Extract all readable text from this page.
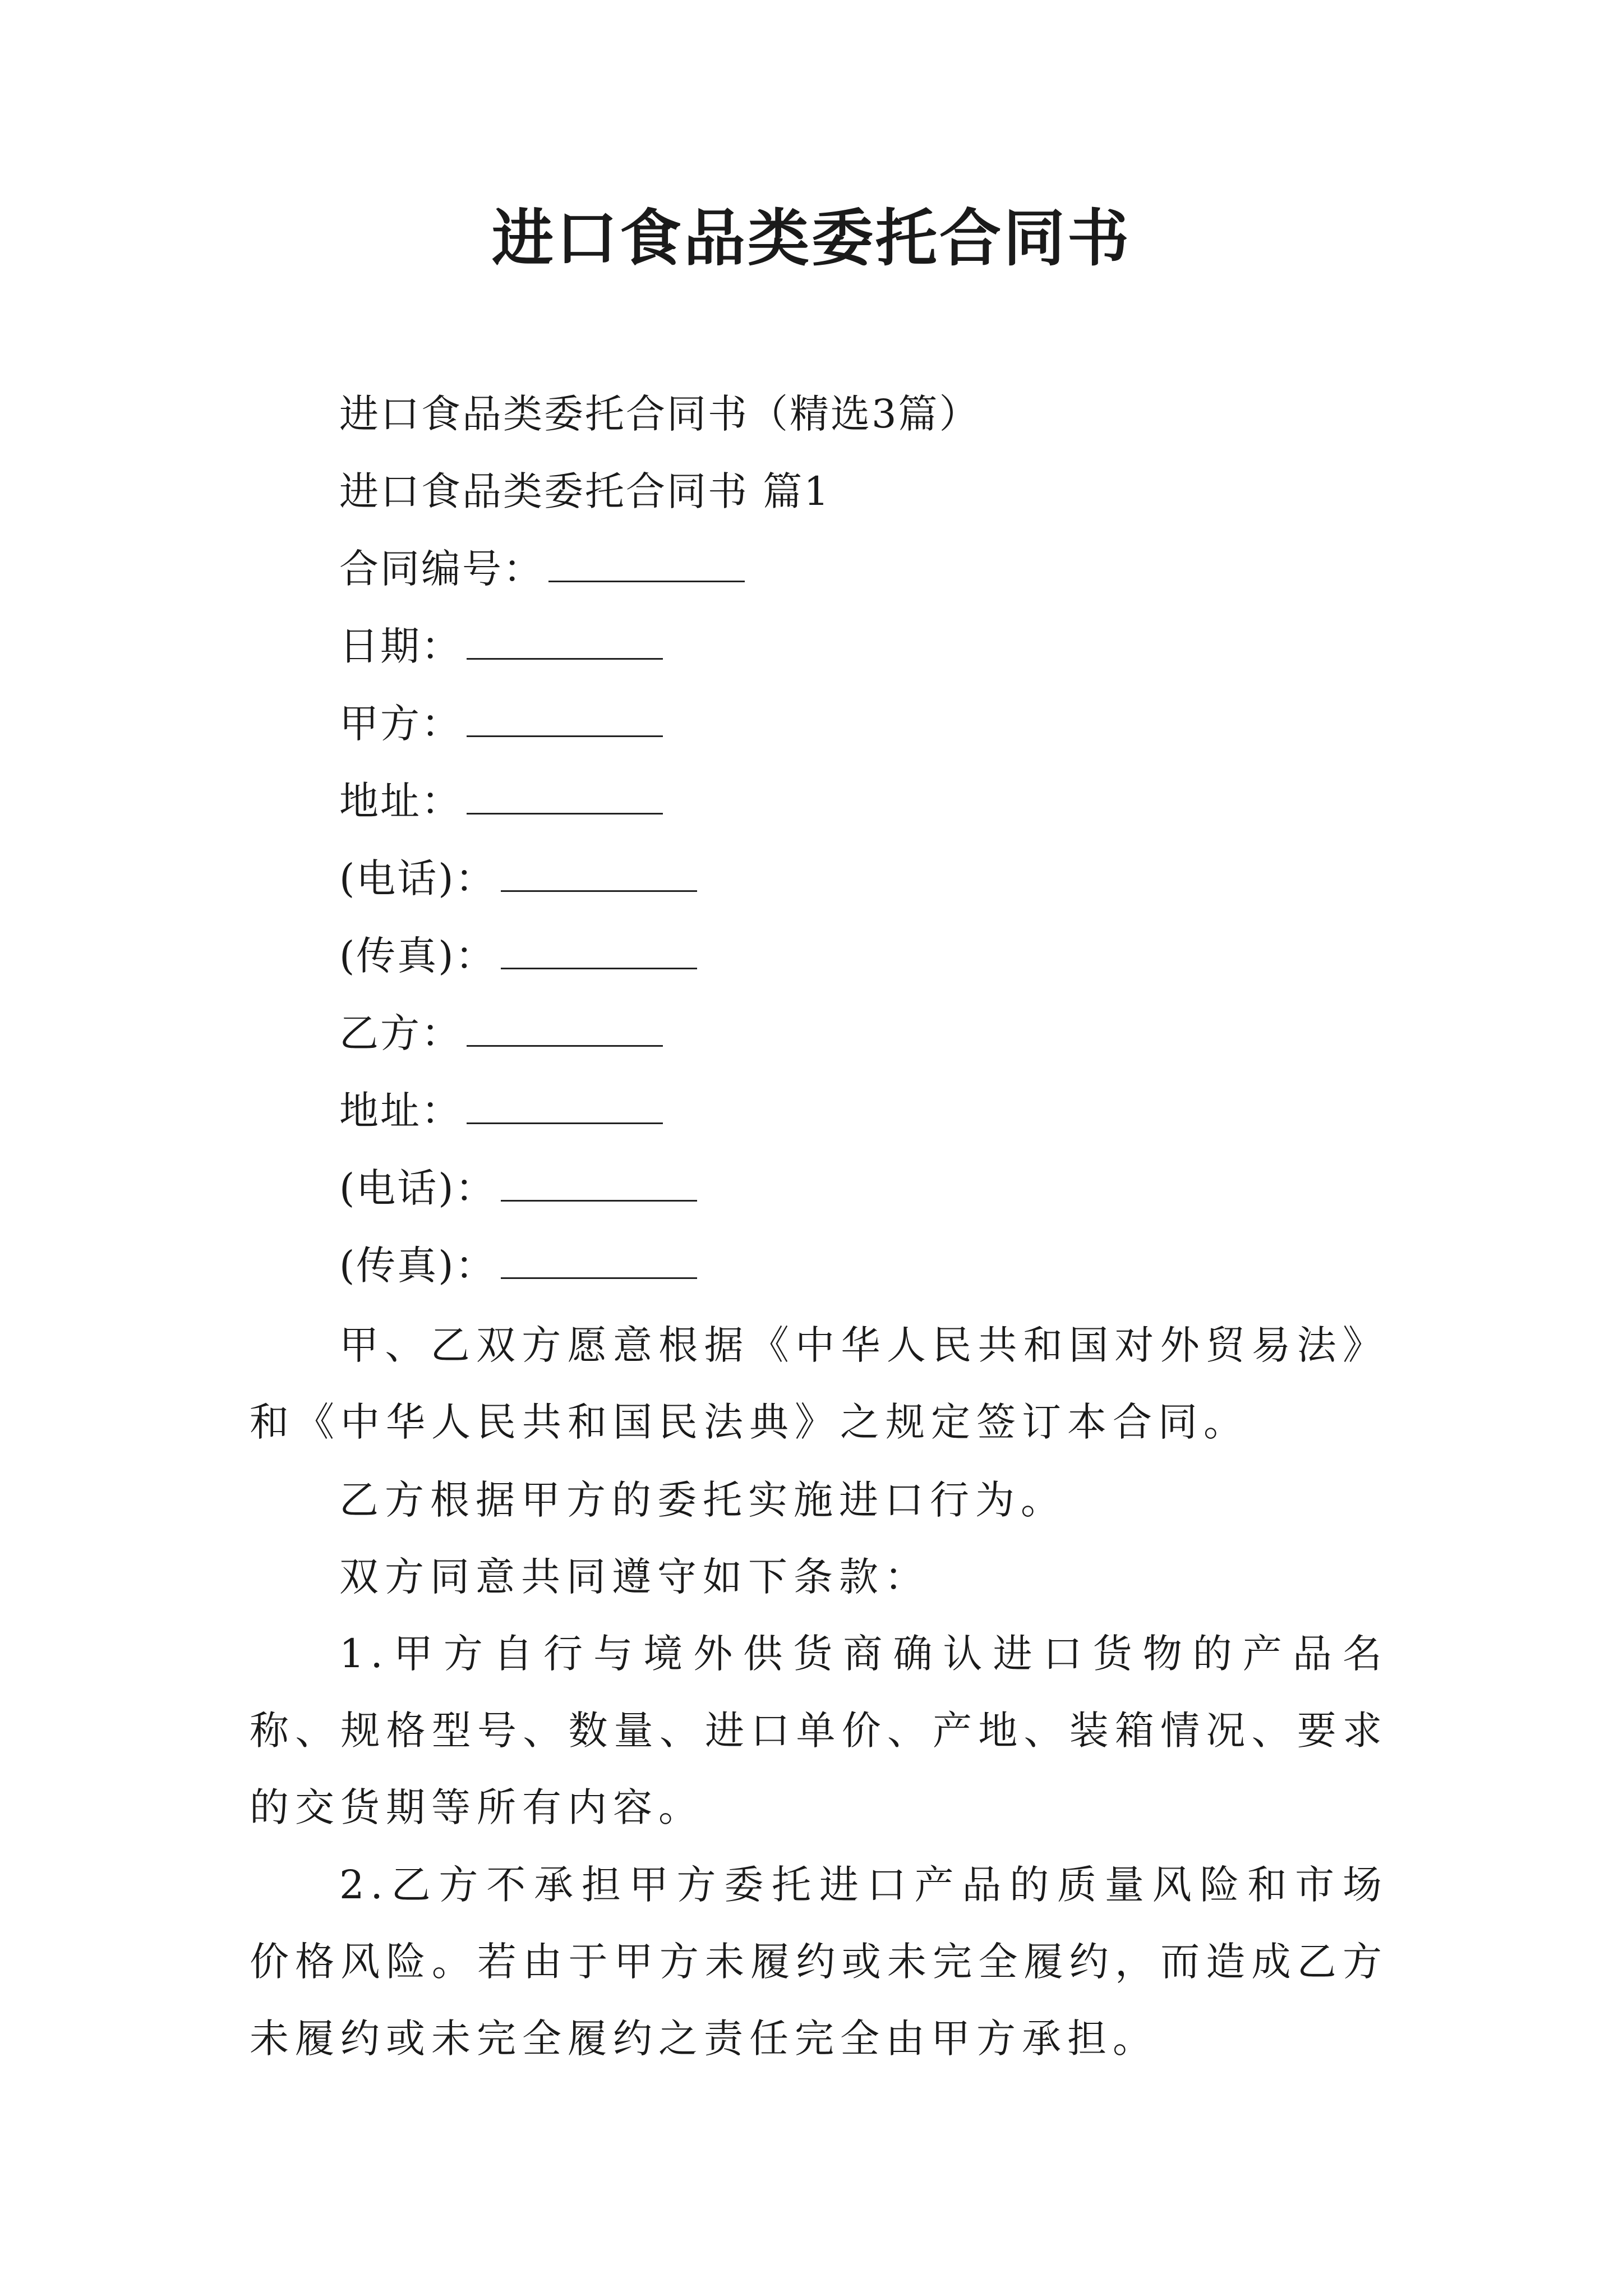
进口食品类委托合同书
进口食品类委托合同书（精选3篇）
进口食品类委托合同书 篇1
合同编号：
日期：
甲方：
地址：
(电话)：
(传真)：
乙方：
地址：
(电话)：
(传真)：
甲、乙双方愿意根据《中华人民共和国对外贸易法》和《中华人民共和国民法典》之规定签订本合同。
乙方根据甲方的委托实施进口行为。
双方同意共同遵守如下条款：
1.甲方自行与境外供货商确认进口货物的产品名称、规格型号、数量、进口单价、产地、装箱情况、要求的交货期等所有内容。
2.乙方不承担甲方委托进口产品的质量风险和市场价格风险。若由于甲方未履约或未完全履约，而造成乙方未履约或未完全履约之责任完全由甲方承担。
